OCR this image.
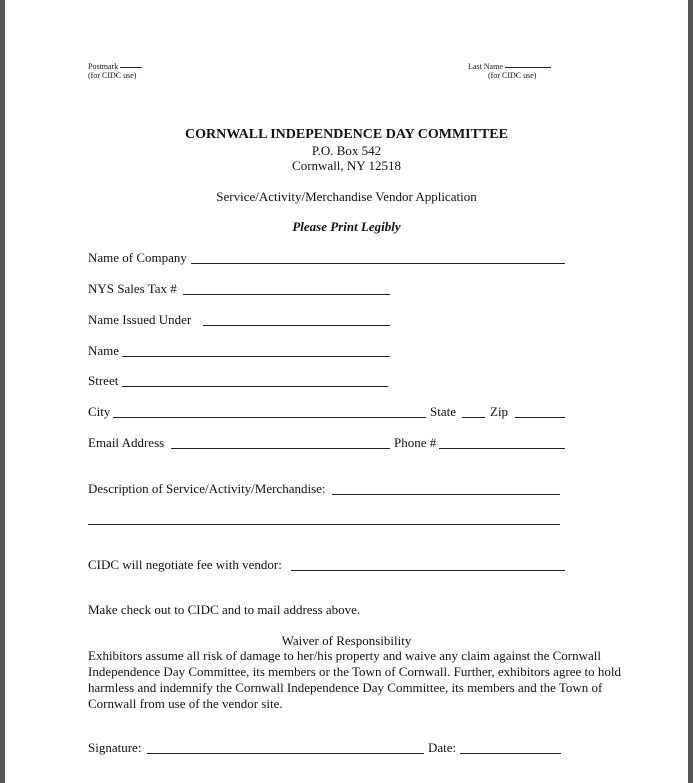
Postmark
(for CIDC use)
Last Name
(for CIDC use)
CORNWALL INDEPENDENCE DAY COMMITTEE
P.O. Box 542
Cornwall, NY 12518
Service/Activity/Merchandise Vendor Application
Please Print Legibly
Name of Company
NYS Sales Tax #
Name Issued Under
Name
Street
City	State	Zip
Email Address	Phone #
Description of Service/Activity/Merchandise:
CIDC will negotiate fee with vendor:
Make check out to CIDC and to mail address above.
Waiver of Responsibility
Exhibitors assume all risk of damage to her/his property and waive any claim against the Cornwall Independence Day Committee, its members or the Town of Cornwall. Further, exhibitors agree to hold harmless and indemnify the Cornwall Independence Day Committee, its members and the Town of Cornwall from use of the vendor site.
Signature:	Date:
